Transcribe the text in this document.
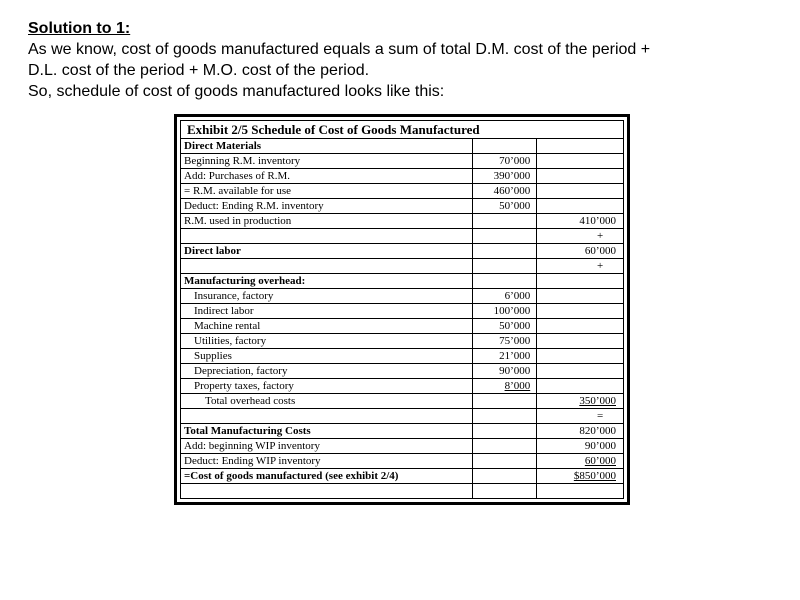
Solution to 1:
As we know, cost of goods manufactured equals a sum of total D.M. cost of the period +
D.L. cost of the period + M.O. cost of the period.
So, schedule of cost of goods manufactured looks like this:
Exhibit 2/5 Schedule of Cost of Goods Manufactured
Direct Materials		
Beginning R.M. inventory	70’000	
Add: Purchases of R.M.	390’000	
= R.M. available for use	460’000	
Deduct: Ending R.M. inventory	50’000	
R.M. used in production		410’000
		+
Direct labor		60’000
		+
Manufacturing overhead:		
Insurance, factory	6’000	
Indirect labor	100’000	
Machine rental	50’000	
Utilities, factory	75’000	
Supplies	21’000	
Depreciation, factory	90’000	
Property taxes, factory	8’000	
Total overhead costs		350’000
		=
Total Manufacturing Costs		820’000
Add: beginning WIP inventory		90’000
Deduct: Ending WIP inventory		60’000
=Cost of goods manufactured (see exhibit 2/4)		$850’000
